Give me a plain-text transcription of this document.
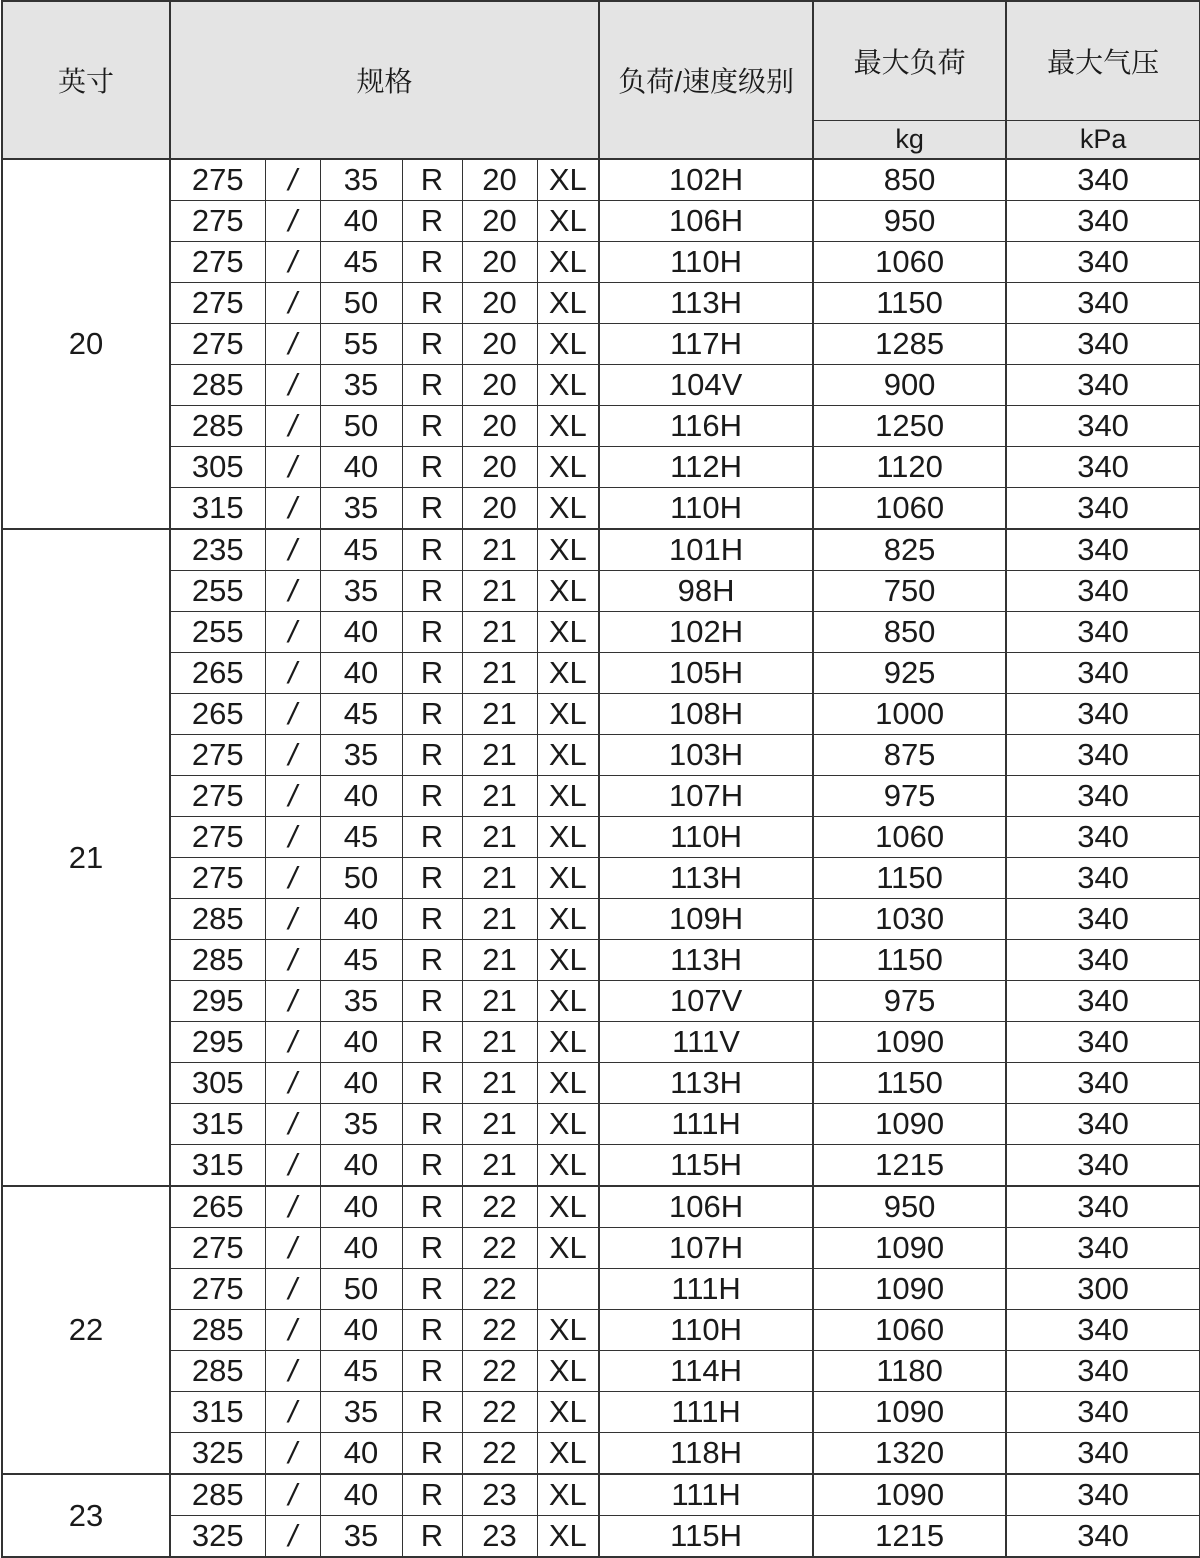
英寸	规格						负荷/速度级别	最大负荷	最大气压
								kg	kPa
20	275	/	35	R	20	XL	102H	850	340
	275	/	40	R	20	XL	106H	950	340
	275	/	45	R	20	XL	110H	1060	340
	275	/	50	R	20	XL	113H	1150	340
	275	/	55	R	20	XL	117H	1285	340
	285	/	35	R	20	XL	104V	900	340
	285	/	50	R	20	XL	116H	1250	340
	305	/	40	R	20	XL	112H	1120	340
	315	/	35	R	20	XL	110H	1060	340
21	235	/	45	R	21	XL	101H	825	340
	255	/	35	R	21	XL	98H	750	340
	255	/	40	R	21	XL	102H	850	340
	265	/	40	R	21	XL	105H	925	340
	265	/	45	R	21	XL	108H	1000	340
	275	/	35	R	21	XL	103H	875	340
	275	/	40	R	21	XL	107H	975	340
	275	/	45	R	21	XL	110H	1060	340
	275	/	50	R	21	XL	113H	1150	340
	285	/	40	R	21	XL	109H	1030	340
	285	/	45	R	21	XL	113H	1150	340
	295	/	35	R	21	XL	107V	975	340
	295	/	40	R	21	XL	111V	1090	340
	305	/	40	R	21	XL	113H	1150	340
	315	/	35	R	21	XL	111H	1090	340
	315	/	40	R	21	XL	115H	1215	340
22	265	/	40	R	22	XL	106H	950	340
	275	/	40	R	22	XL	107H	1090	340
	275	/	50	R	22		111H	1090	300
	285	/	40	R	22	XL	110H	1060	340
	285	/	45	R	22	XL	114H	1180	340
	315	/	35	R	22	XL	111H	1090	340
	325	/	40	R	22	XL	118H	1320	340
23	285	/	40	R	23	XL	111H	1090	340
	325	/	35	R	23	XL	115H	1215	340
